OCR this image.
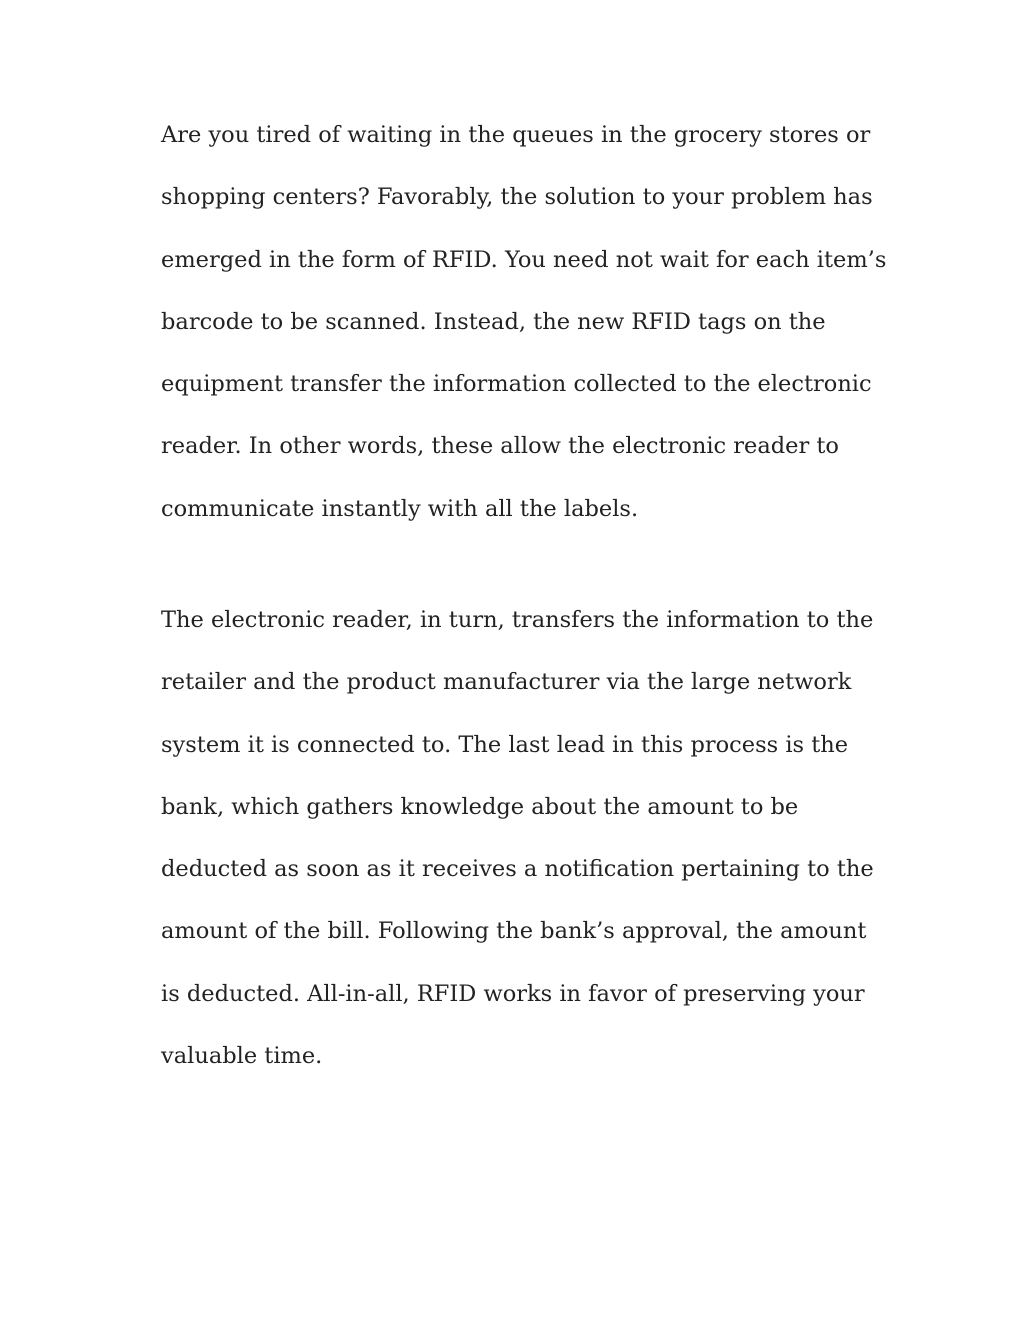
Are you tired of waiting in the queues in the grocery stores or
shopping centers? Favorably, the solution to your problem has
emerged in the form of RFID. You need not wait for each item’s
barcode to be scanned. Instead, the new RFID tags on the
equipment transfer the information collected to the electronic
reader. In other words, these allow the electronic reader to
communicate instantly with all the labels.
The electronic reader, in turn, transfers the information to the
retailer and the product manufacturer via the large network
system it is connected to. The last lead in this process is the
bank, which gathers knowledge about the amount to be
deducted as soon as it receives a notification pertaining to the
amount of the bill. Following the bank’s approval, the amount
is deducted. All-in-all, RFID works in favor of preserving your
valuable time.
